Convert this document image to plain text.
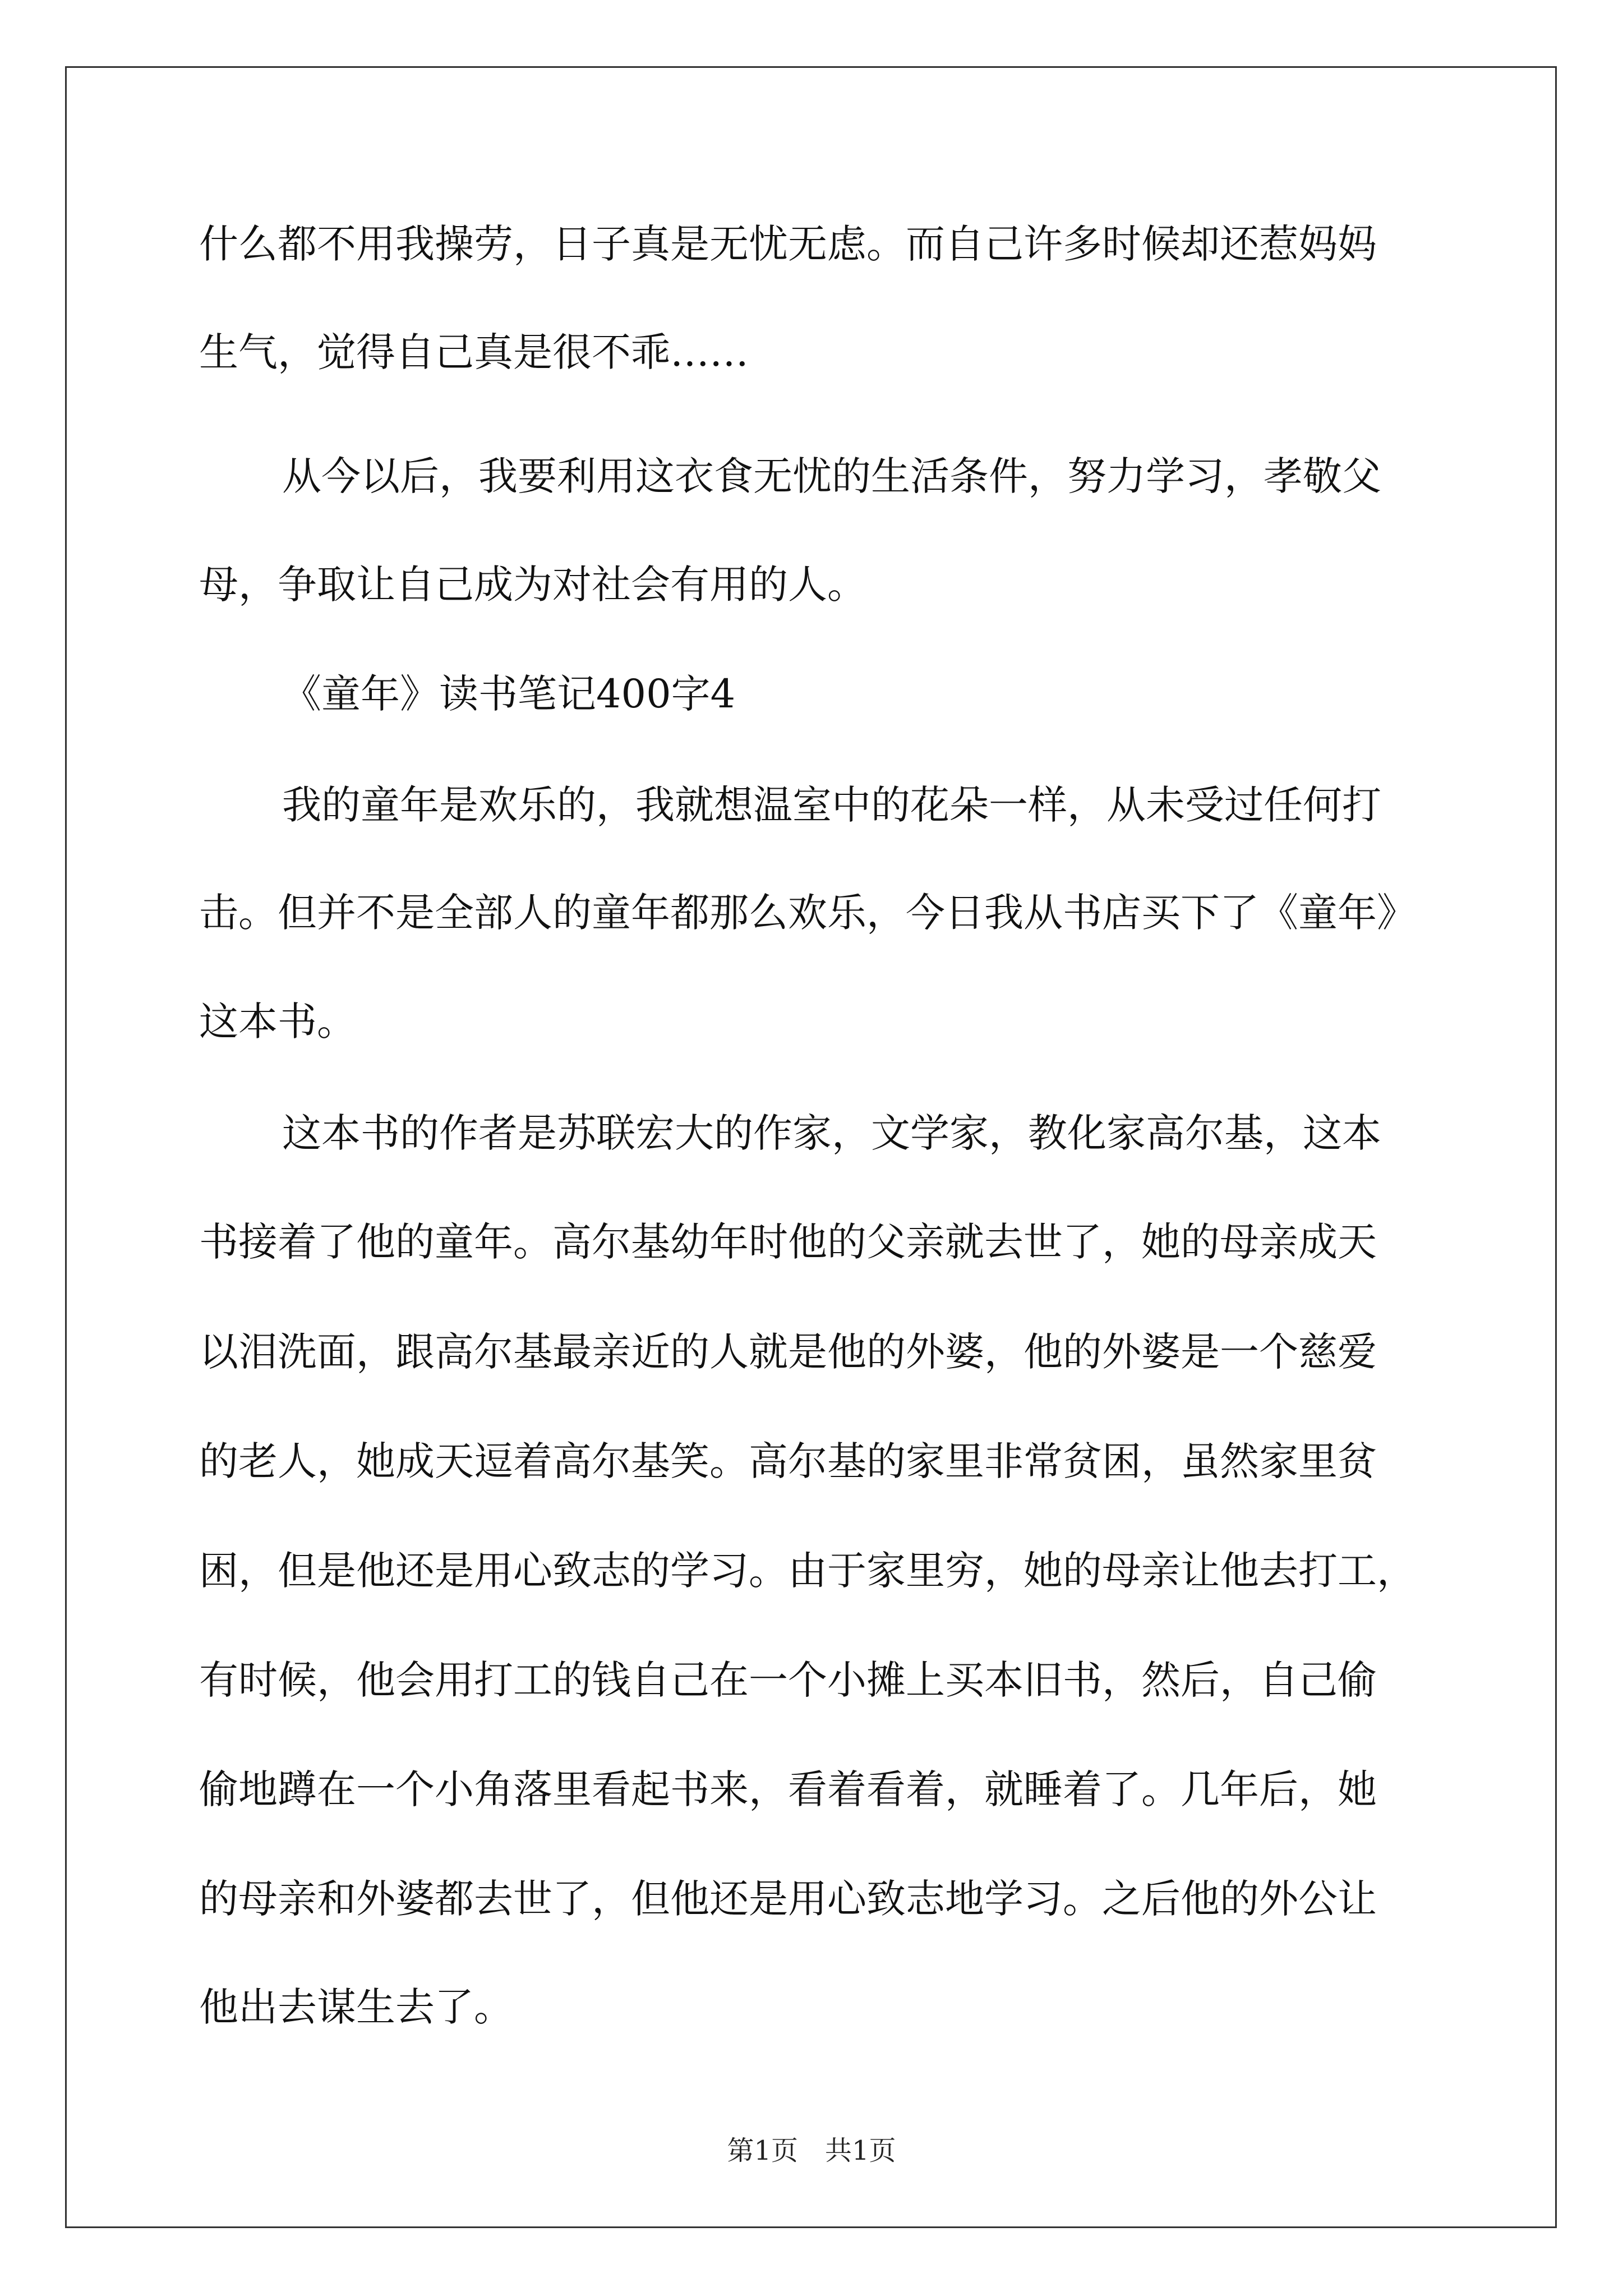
什么都不用我操劳，日子真是无忧无虑。而自己许多时候却还惹妈妈
生气，觉得自己真是很不乖……
从今以后，我要利用这衣食无忧的生活条件，努力学习，孝敬父
母，争取让自己成为对社会有用的人。
《童年》读书笔记400字4
我的童年是欢乐的，我就想温室中的花朵一样，从未受过任何打
击。但并不是全部人的童年都那么欢乐，今日我从书店买下了《童年》
这本书。
这本书的作者是苏联宏大的作家，文学家，教化家高尔基，这本
书接着了他的童年。高尔基幼年时他的父亲就去世了，她的母亲成天
以泪洗面，跟高尔基最亲近的人就是他的外婆，他的外婆是一个慈爱
的老人，她成天逗着高尔基笑。高尔基的家里非常贫困，虽然家里贫
困，但是他还是用心致志的学习。由于家里穷，她的母亲让他去打工，
有时候，他会用打工的钱自己在一个小摊上买本旧书，然后，自己偷
偷地蹲在一个小角落里看起书来，看着看着，就睡着了。几年后，她
的母亲和外婆都去世了，但他还是用心致志地学习。之后他的外公让
他出去谋生去了。
第1页　共1页
